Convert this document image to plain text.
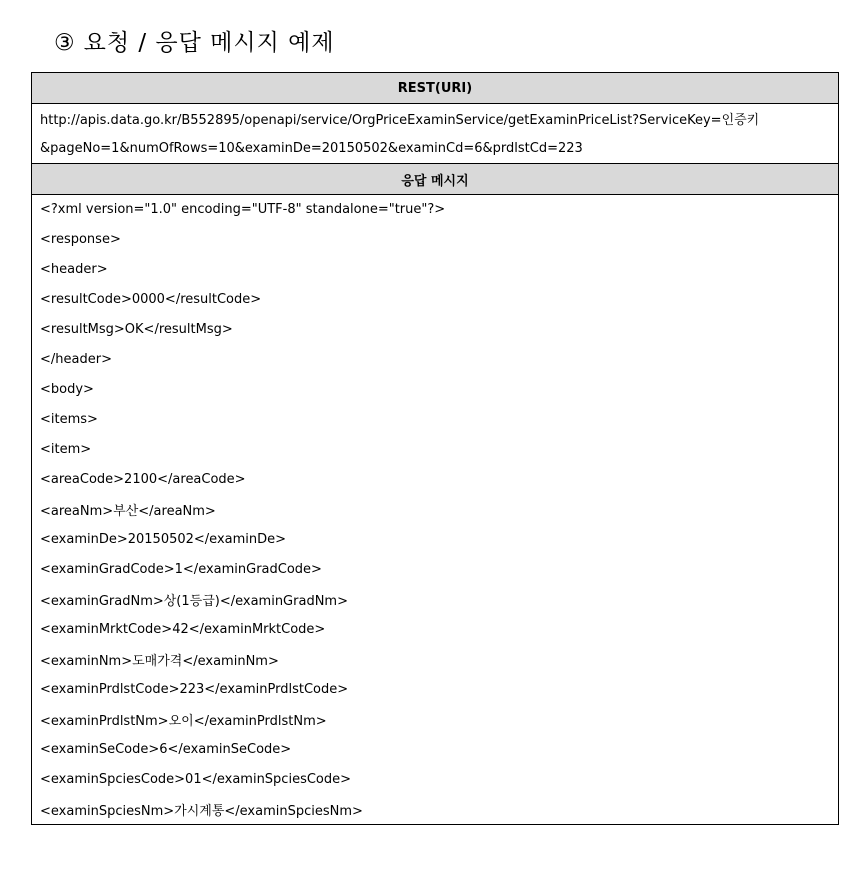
③ 요청 / 응답 메시지 예제
REST(URI)
http://apis.data.go.kr/B552895/openapi/service/OrgPriceExaminService/getExaminPriceList?ServiceKey=인증키
&pageNo=1&numOfRows=10&examinDe=20150502&examinCd=6&prdlstCd=223
응답 메시지
<?xml version="1.0" encoding="UTF-8" standalone="true"?>
<response>
<header>
<resultCode>0000</resultCode>
<resultMsg>OK</resultMsg>
</header>
<body>
<items>
<item>
<areaCode>2100</areaCode>
<areaNm>부산</areaNm>
<examinDe>20150502</examinDe>
<examinGradCode>1</examinGradCode>
<examinGradNm>상(1등급)</examinGradNm>
<examinMrktCode>42</examinMrktCode>
<examinNm>도매가격</examinNm>
<examinPrdlstCode>223</examinPrdlstCode>
<examinPrdlstNm>오이</examinPrdlstNm>
<examinSeCode>6</examinSeCode>
<examinSpciesCode>01</examinSpciesCode>
<examinSpciesNm>가시계통</examinSpciesNm>
